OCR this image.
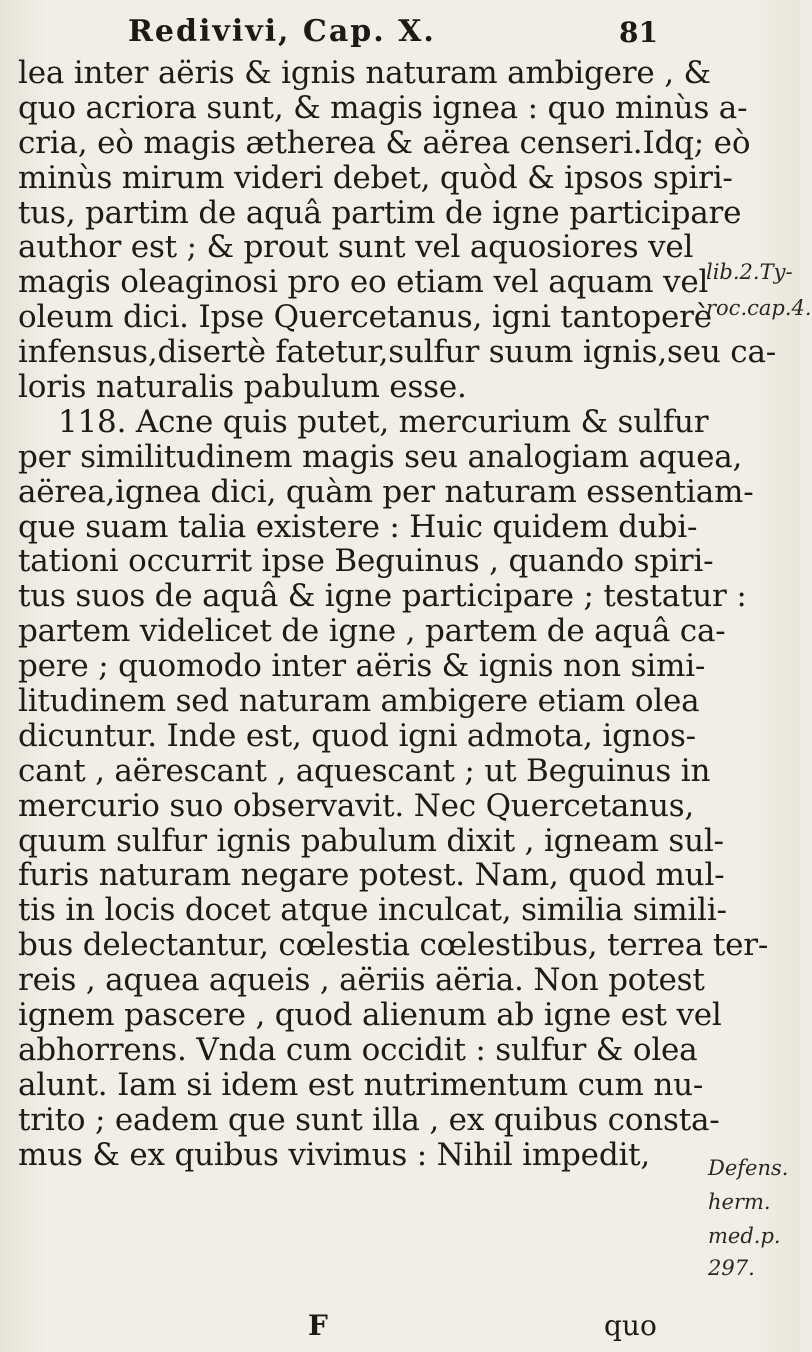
Redivivi, Cap. X.	81
lea inter aëris & ignis naturam ambigere , &
quo acriora sunt, & magis ignea : quo minùs a-
cria, eò magis ætherea & aërea censeri.Idq; eò
minùs mirum videri debet, quòd & ipsos spiri-
tus, partim de aquâ partim de igne participare
author est ; & prout sunt vel aquosiores vel
magis oleaginosi pro eo etiam vel aquam vel
oleum dici. Ipse Quercetanus, igni tantoperè
infensus,disertè fatetur,sulfur suum ignis,seu ca-
loris naturalis pabulum esse.
118. Acne quis putet, mercurium & sulfur
per similitudinem magis seu analogiam aquea,
aërea,ignea dici, quàm per naturam essentiam-
que suam talia existere : Huic quidem dubi-
tationi occurrit ipse Beguinus , quando spiri-
tus suos de aquâ & igne participare ; testatur :
partem videlicet de igne , partem de aquâ ca-
pere ; quomodo inter aëris & ignis non simi-
litudinem sed naturam ambigere etiam olea
dicuntur. Inde est, quod igni admota, ignos-
cant , aërescant , aquescant ; ut Beguinus in
mercurio suo observavit. Nec Quercetanus,
quum sulfur ignis pabulum dixit , igneam sul-
furis naturam negare potest. Nam, quod mul-
tis in locis docet atque inculcat, similia simili-
bus delectantur, cœlestia cœlestibus, terrea ter-
reis , aquea aqueis , aëriis aëria. Non potest
ignem pascere , quod alienum ab igne est vel
abhorrens. Vnda cum occidit : sulfur & olea
alunt. Iam si idem est nutrimentum cum nu-
trito ; eadem que sunt illa , ex quibus consta-
mus & ex quibus vivimus : Nihil impedit,
lib.2.Ty-
roc.cap.4.
Defens.
herm.
med.p.
297.
F	quo
